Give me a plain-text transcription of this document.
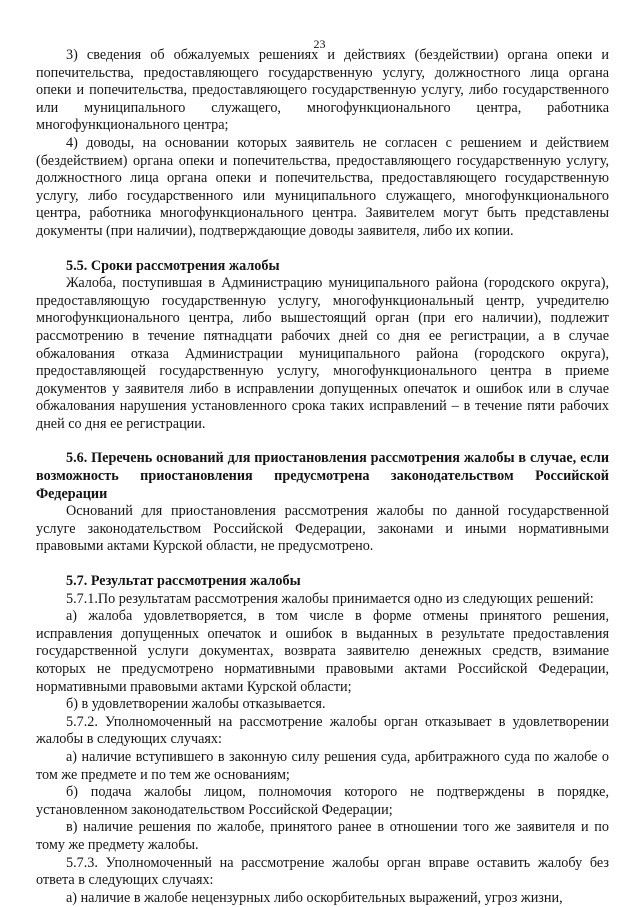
23

3) сведения об обжалуемых решениях и действиях (бездействии) органа опеки и попечительства, предоставляющего государственную услугу, должностного лица органа опеки и попечительства, предоставляющего государственную услугу, либо государственного или муниципального служащего, многофункционального центра, работника многофункционального центра;

4) доводы, на основании которых заявитель не согласен с решением и действием (бездействием) органа опеки и попечительства, предоставляющего государственную услугу, должностного лица органа опеки и попечительства, предоставляющего государственную услугу, либо государственного или муниципального служащего, многофункционального центра, работника многофункционального центра. Заявителем могут быть представлены документы (при наличии), подтверждающие доводы заявителя, либо их копии.

5.5. Сроки рассмотрения жалобы

Жалоба, поступившая в Администрацию муниципального района (городского округа), предоставляющую государственную услугу, многофункциональный центр, учредителю многофункционального центра, либо вышестоящий орган (при его наличии), подлежит рассмотрению в течение пятнадцати рабочих дней со дня ее регистрации, а в случае обжалования отказа Администрации муниципального района (городского округа), предоставляющей государственную услугу, многофункционального центра в приеме документов у заявителя либо в исправлении допущенных опечаток и ошибок или в случае обжалования нарушения установленного срока таких исправлений – в течение пяти рабочих дней со дня ее регистрации.

5.6. Перечень оснований для приостановления рассмотрения жалобы в случае, если возможность приостановления предусмотрена законодательством Российской Федерации

Оснований для приостановления рассмотрения жалобы по данной государственной услуге законодательством Российской Федерации, законами и иными нормативными правовыми актами Курской области, не предусмотрено.

5.7. Результат рассмотрения жалобы

5.7.1.По результатам рассмотрения жалобы принимается одно из следующих решений:

а) жалоба удовлетворяется, в том числе в форме отмены принятого решения, исправления допущенных опечаток и ошибок в выданных в результате предоставления государственной услуги документах, возврата заявителю денежных средств, взимание которых не предусмотрено нормативными правовыми актами Российской Федерации, нормативными правовыми актами Курской области;

б) в удовлетворении жалобы отказывается.

5.7.2. Уполномоченный на рассмотрение жалобы орган отказывает в удовлетворении жалобы в следующих случаях:

а) наличие вступившего в законную силу решения суда, арбитражного суда по жалобе о том же предмете и по тем же основаниям;

б) подача жалобы лицом, полномочия которого не подтверждены в порядке, установленном законодательством Российской Федерации;

в) наличие решения по жалобе, принятого ранее в отношении того же заявителя и по тому же предмету жалобы.

5.7.3. Уполномоченный на рассмотрение жалобы орган вправе оставить жалобу без ответа в следующих случаях:

а) наличие в жалобе нецензурных либо оскорбительных выражений, угроз жизни,
